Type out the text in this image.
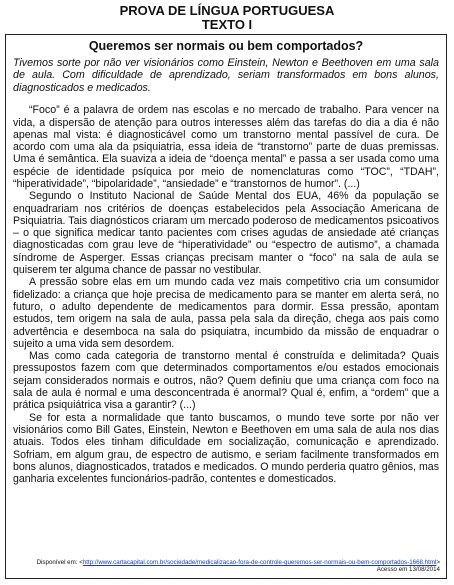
PROVA DE LÍNGUA PORTUGUESA
TEXTO I
Queremos ser normais ou bem comportados?

Tivemos sorte por não ver visionários como Einstein, Newton e Beethoven em uma sala de aula. Com dificuldade de aprendizado, seriam transformados em bons alunos, diagnosticados e medicados.

“Foco” é a palavra de ordem nas escolas e no mercado de trabalho. Para vencer na vida, a dispersão de atenção para outros interesses além das tarefas do dia a dia é não apenas mal vista: é diagnosticável como um transtorno mental passível de cura. De acordo com uma ala da psiquiatria, essa ideia de “transtorno” parte de duas premissas. Uma é semântica. Ela suaviza a ideia de “doença mental” e passa a ser usada como uma espécie de identidade psíquica por meio de nomenclaturas como “TOC”, “TDAH”, “hiperatividade”, “bipolaridade”, “ansiedade” e “transtornos de humor”. (...)

Segundo o Instituto Nacional de Saúde Mental dos EUA, 46% da população se enquadrariam nos critérios de doenças estabelecidos pela Associação Americana de Psiquiatria. Tais diagnósticos criaram um mercado poderoso de medicamentos psicoativos – o que significa medicar tanto pacientes com crises agudas de ansiedade até crianças diagnosticadas com grau leve de “hiperatividade” ou “espectro de autismo”, a chamada síndrome de Asperger. Essas crianças precisam manter o “foco” na sala de aula se quiserem ter alguma chance de passar no vestibular.

A pressão sobre elas em um mundo cada vez mais competitivo cria um consumidor fidelizado: a criança que hoje precisa de medicamento para se manter em alerta será, no futuro, o adulto dependente de medicamentos para dormir. Essa pressão, apontam estudos, tem origem na sala de aula, passa pela sala da direção, chega aos pais como advertência e desemboca na sala do psiquiatra, incumbido da missão de enquadrar o sujeito a uma vida sem desordem.

Mas como cada categoria de transtorno mental é construída e delimitada? Quais pressupostos fazem com que determinados comportamentos e/ou estados emocionais sejam considerados normais e outros, não? Quem definiu que uma criança com foco na sala de aula é normal e uma desconcentrada é anormal? Qual é, enfim, a “ordem” que a prática psiquiátrica visa a garantir? (...)

Se for esta a normalidade que tanto buscamos, o mundo teve sorte por não ver visionários como Bill Gates, Einstein, Newton e Beethoven em uma sala de aula nos dias atuais. Todos eles tinham dificuldade em socialização, comunicação e aprendizado. Sofriam, em algum grau, de espectro de autismo, e seriam facilmente transformados em bons alunos, diagnosticados, tratados e medicados. O mundo perderia quatro gênios, mas ganharia excelentes funcionários-padrão, contentes e domesticados.

Disponível em: <http://www.cartacapital.com.br/sociedade/medicalizacao-fora-de-controle-queremos-ser-normais-ou-bem-comportados-1668.html> Acesso em 13/08/2014
